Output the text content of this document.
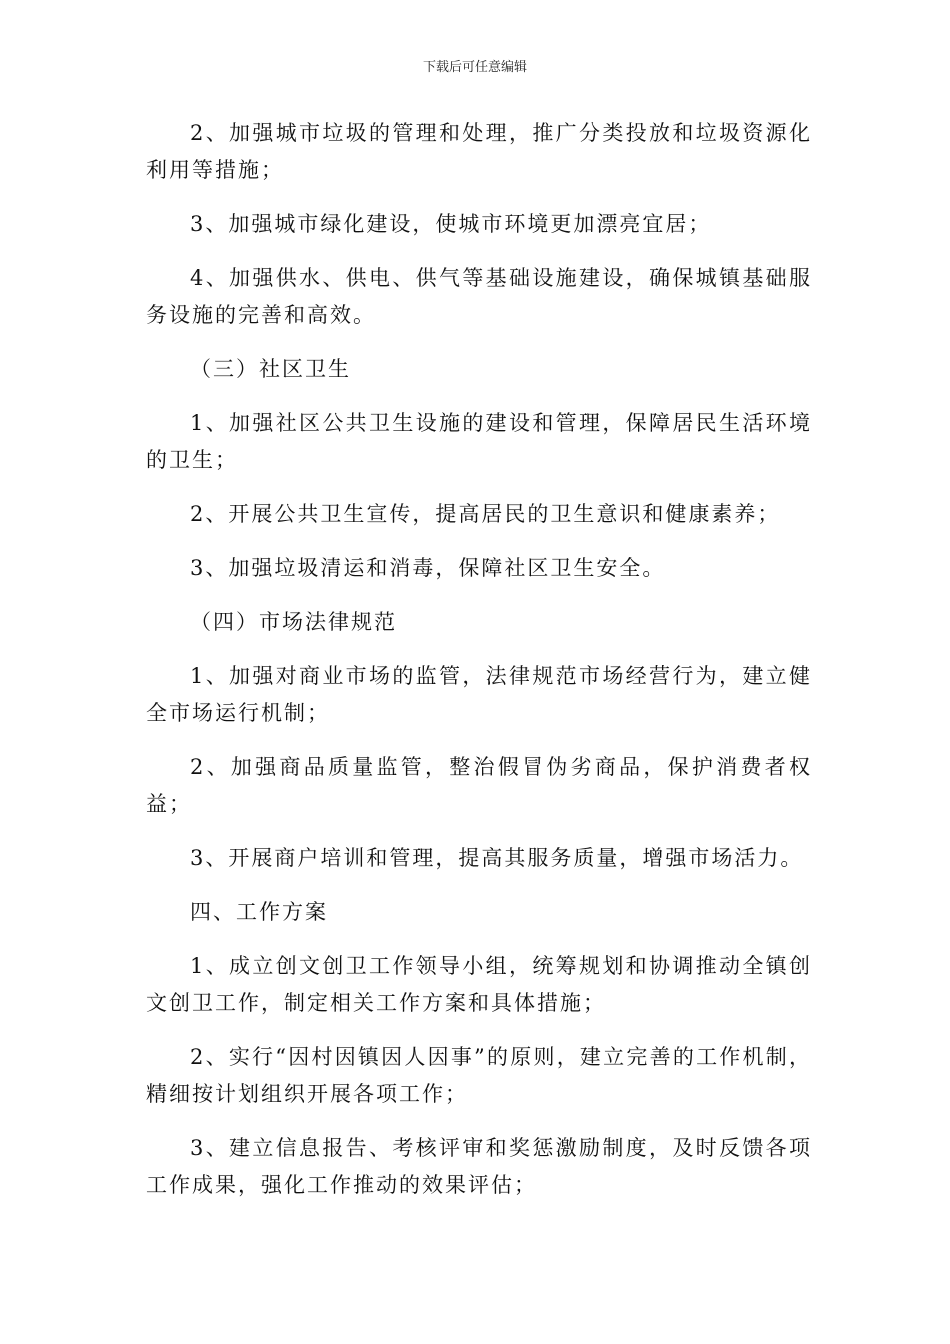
下载后可任意编辑

2、加强城市垃圾的管理和处理，推广分类投放和垃圾资源化利用等措施；

3、加强城市绿化建设，使城市环境更加漂亮宜居；

4、加强供水、供电、供气等基础设施建设，确保城镇基础服务设施的完善和高效。

（三）社区卫生

1、加强社区公共卫生设施的建设和管理，保障居民生活环境的卫生；

2、开展公共卫生宣传，提高居民的卫生意识和健康素养；

3、加强垃圾清运和消毒，保障社区卫生安全。

（四）市场法律规范

1、加强对商业市场的监管，法律规范市场经营行为，建立健全市场运行机制；

2、加强商品质量监管，整治假冒伪劣商品，保护消费者权益；

3、开展商户培训和管理，提高其服务质量，增强市场活力。

四、工作方案

1、成立创文创卫工作领导小组，统筹规划和协调推动全镇创文创卫工作，制定相关工作方案和具体措施；

2、实行“因村因镇因人因事”的原则，建立完善的工作机制，精细按计划组织开展各项工作；

3、建立信息报告、考核评审和奖惩激励制度，及时反馈各项工作成果，强化工作推动的效果评估；
